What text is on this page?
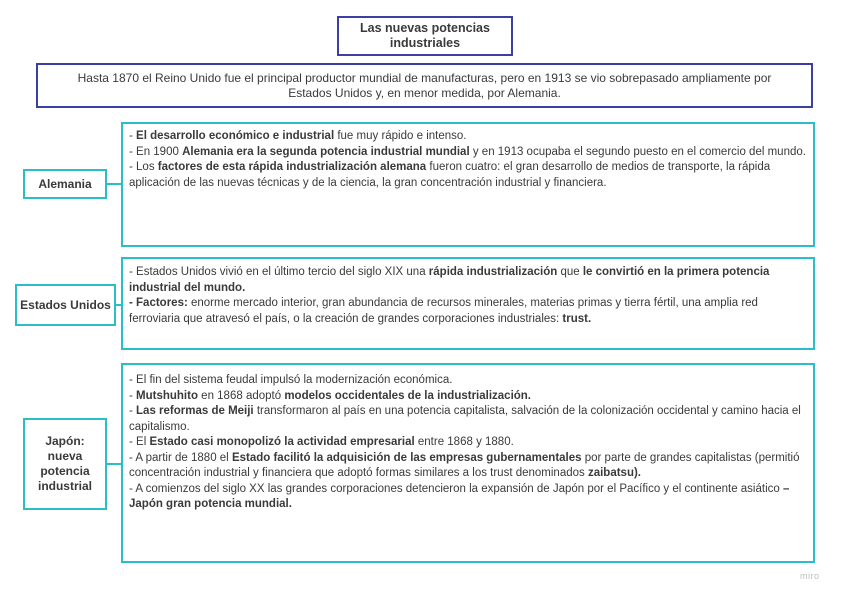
Las nuevas potencias industriales
Hasta 1870 el Reino Unido fue el principal productor mundial de manufacturas, pero en 1913 se vio sobrepasado ampliamente por Estados Unidos y, en menor medida, por Alemania.
Alemania

- El desarrollo económico e industrial fue muy rápido e intenso.

- En 1900 Alemania era la segunda potencia industrial mundial y en 1913 ocupaba el segundo puesto en el comercio del mundo.

- Los factores de esta rápida industrialización alemana fueron cuatro: el gran desarrollo de medios de transporte, la rápida aplicación de las nuevas técnicas y de la ciencia, la gran concentración industrial y financiera.

Estados Unidos

- Estados Unidos vivió en el último tercio del siglo XIX una rápida industrialización que le convirtió en la primera potencia industrial del mundo.

- Factores: enorme mercado interior, gran abundancia de recursos minerales, materias primas y tierra fértil, una amplia red ferroviaria que atravesó el país, o la creación de grandes corporaciones industriales: trust.

Japón: nueva potencia industrial

- El fin del sistema feudal impulsó la modernización económica.

- Mutshuhito en 1868 adoptó modelos occidentales de la industrialización.

- Las reformas de Meiji transformaron al país en una potencia capitalista, salvación de la colonización occidental y camino hacia el capitalismo.

- El Estado casi monopolizó la actividad empresarial entre 1868 y 1880.

- A partir de 1880 el Estado facilitó la adquisición de las empresas gubernamentales por parte de grandes capitalistas (permitió concentración industrial y financiera que adoptó formas similares a los trust denominados zaibatsu).

- A comienzos del siglo XX las grandes corporaciones detencieron la expansión de Japón por el Pacífico y el continente asiático – Japón gran potencia mundial.

miro
